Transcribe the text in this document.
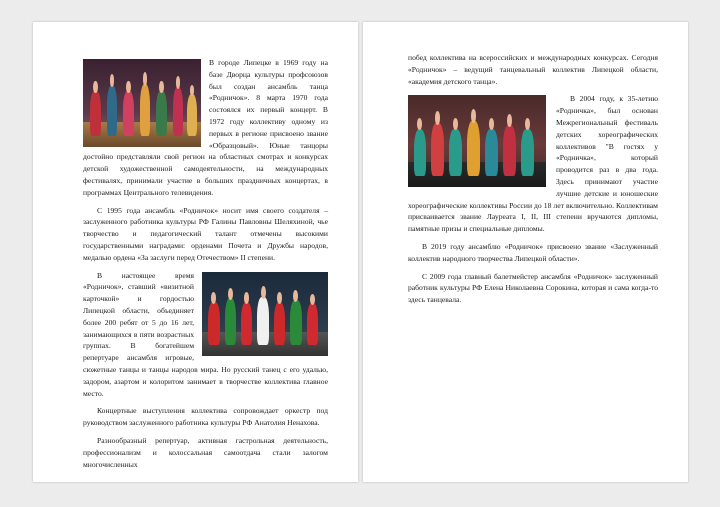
В городе Липецке в 1969 году на базе Дворца культуры профсоюзов был создан ансамбль танца «Родничок». 8 марта 1970 года состоялся их первый концерт. В 1972 году коллективу одному из первых в регионе присвоено звание «Образцовый». Юные танцоры достойно представляли свой регион на областных смотрах и конкурсах детской художественной самодеятельности, на международных фестивалях, принимали участие в больших праздничных концертах, в программах Центрального телевидения.

С 1995 года ансамбль «Родничок» носит имя своего создателя – заслуженного работника культуры РФ Галины Павловны Шеляхиной, чье творчество и педагогический талант отмечены высокими государственными наградами: орденами Почета и Дружбы народов, медалью ордена «За заслуги перед Отечеством» II степени.

В настоящее время «Родничок», ставший «визитной карточкой» и гордостью Липецкой области, объединяет более 200 ребят от 5 до 16 лет, занимающихся в пяти возрастных группах. В богатейшем репертуаре ансамбля игровые, сюжетные танцы и танцы народов мира. Но русский танец с его удалью, задором, азартом и колоритом занимает в творчестве коллектива главное место.

Концертные выступления коллектива сопровождает оркестр под руководством заслуженного работника культуры РФ Анатолия Ненахова.

Разнообразный репертуар, активная гастрольная деятельность, профессионализм и колоссальная самоотдача стали залогом многочисленных

побед коллектива на всероссийских и международных конкурсах. Сегодня «Родничок» – ведущий танцевальный коллектив Липецкой области, «академия детского танца».

В 2004 году, к 35-летию «Родничка», был основан Межрегиональный фестиваль детских хореографических коллективов "В гостях у «Родничка», который проводится раз в два года. Здесь принимают участие лучшие детские и юношеские хореографические коллективы России до 18 лет включительно. Коллективам присваивается звание Лауреата I, II, III степени вручаются дипломы, памятные призы и специальные дипломы.

В 2019 году ансамблю «Родничок» присвоено звание «Заслуженный коллектив народного творчества Липецкой области».

С 2009 года главный балетмейстер ансамбля «Родничок» заслуженный работник культуры РФ Елена Николаевна Сорокина, которая и сама когда-то здесь танцевала.
